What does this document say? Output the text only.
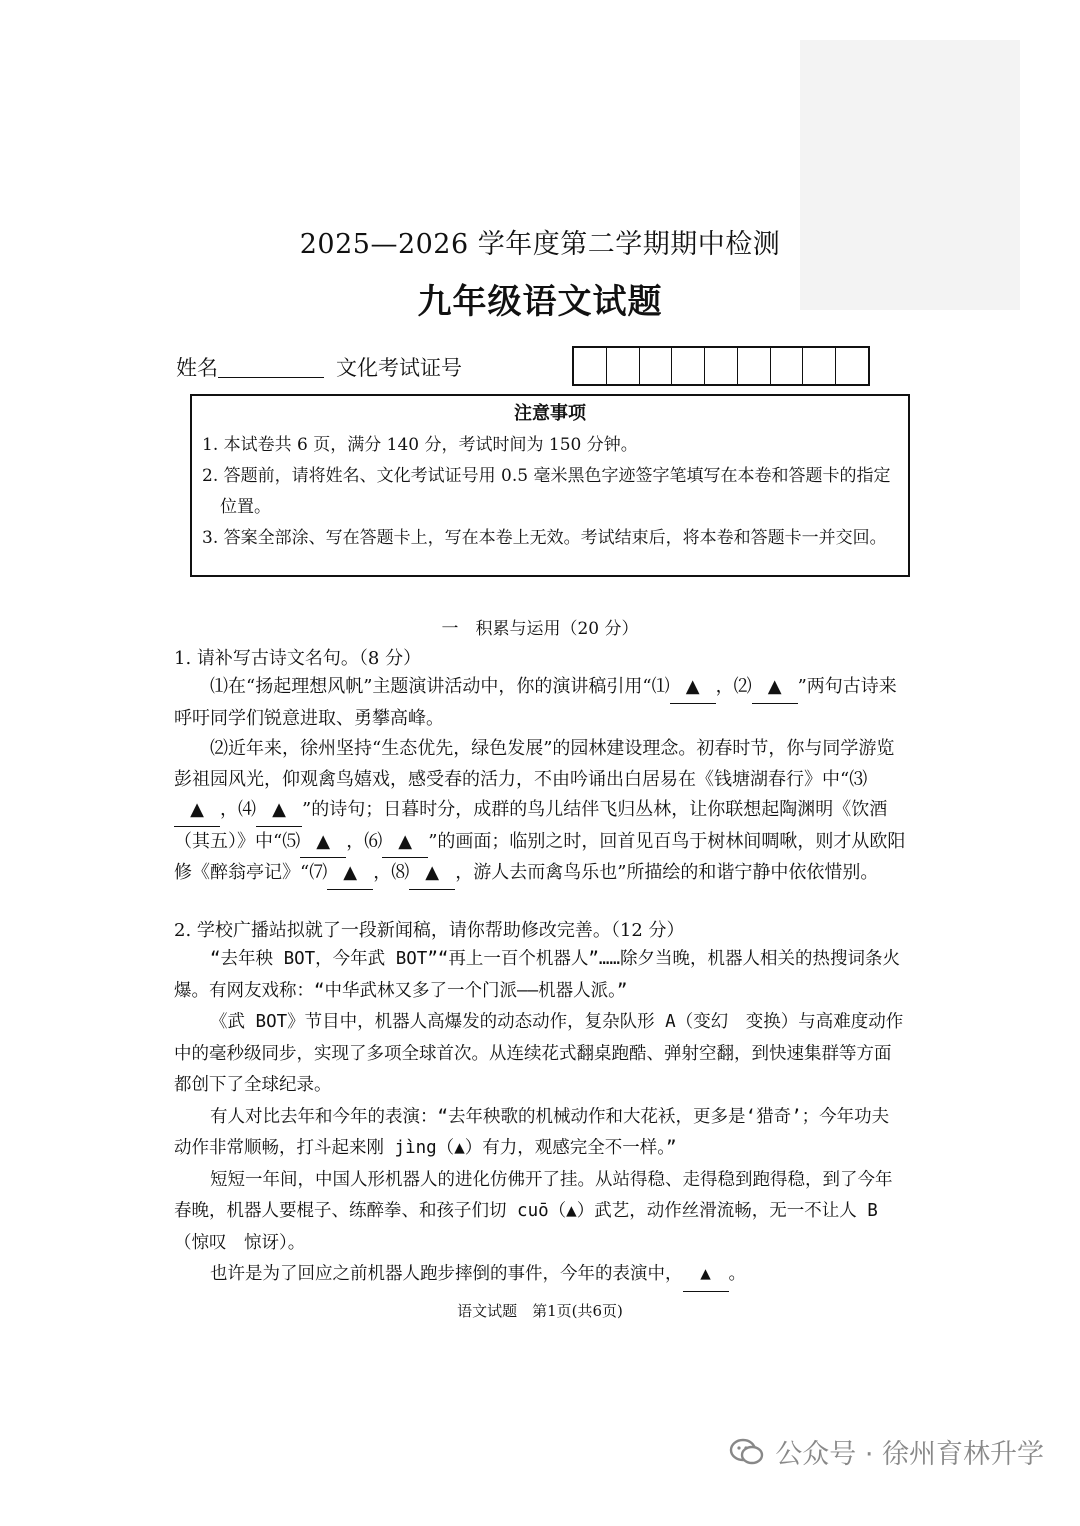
2025—2026 学年度第二学期期中检测
九年级语文试题
姓名	文化考试证号
注意事项
1. 本试卷共 6 页，满分 140 分，考试时间为 150 分钟。
2. 答题前，请将姓名、文化考试证号用 0.5 毫米黑色字迹签字笔填写在本卷和答题卡的指定位置。
3. 答案全部涂、写在答题卡上，写在本卷上无效。考试结束后，将本卷和答题卡一并交回。
一　积累与运用（20 分）
1. 请补写古诗文名句。（8 分）

⑴在“扬起理想风帆”主题演讲活动中，你的演讲稿引用“⑴ ▲ ，⑵ ▲ ”两句古诗来呼吁同学们锐意进取、勇攀高峰。

⑵近年来，徐州坚持“生态优先，绿色发展”的园林建设理念。初春时节，你与同学游览彭祖园风光，仰观禽鸟嬉戏，感受春的活力，不由吟诵出白居易在《钱塘湖春行》中“⑶▲ ，⑷ ▲ ”的诗句；日暮时分，成群的鸟儿结伴飞归丛林，让你联想起陶渊明《饮酒（其五）》中“⑸ ▲ ，⑹ ▲ ”的画面；临别之时，回首见百鸟于树林间啁啾，则才从欧阳修《醉翁亭记》“⑺ ▲ ，⑻ ▲ ，游人去而禽鸟乐也”所描绘的和谐宁静中依依惜别。

2. 学校广播站拟就了一段新闻稿，请你帮助修改完善。（12 分）

“去年秧 BOT，今年武 BOT”“再上一百个机器人”……除夕当晚，机器人相关的热搜词条火爆。有网友戏称：“中华武林又多了一个门派——机器人派。”

《武 BOT》节目中，机器人高爆发的动态动作，复杂队形 A（变幻　变换）与高难度动作中的毫秒级同步，实现了多项全球首次。从连续花式翻桌跑酷、弹射空翻，到快速集群等方面都创下了全球纪录。

有人对比去年和今年的表演：“去年秧歌的机械动作和大花袄，更多是‘猎奇’；今年功夫动作非常顺畅，打斗起来刚 jìng（▲）有力，观感完全不一样。”

短短一年间，中国人形机器人的进化仿佛开了挂。从站得稳、走得稳到跑得稳，到了今年春晚，机器人要棍子、练醉拳、和孩子们切 cuō（▲）武艺，动作丝滑流畅，无一不让人 B（惊叹　惊讶）。

也许是为了回应之前机器人跑步摔倒的事件，今年的表演中， ▲ 。

语文试题　第1页(共6页)
公众号 · 徐州育林升学
